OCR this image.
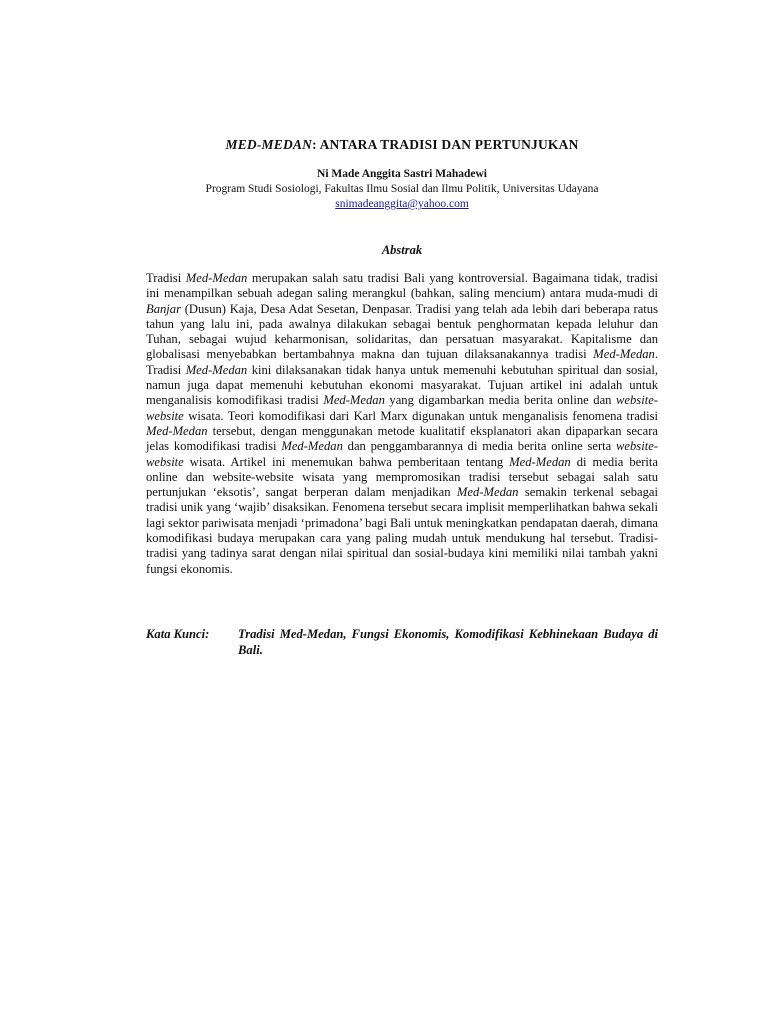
MED-MEDAN: ANTARA TRADISI DAN PERTUNJUKAN
Ni Made Anggita Sastri Mahadewi
Program Studi Sosiologi, Fakultas Ilmu Sosial dan Ilmu Politik, Universitas Udayana
snimadeanggita@yahoo.com
Abstrak

Tradisi Med-Medan merupakan salah satu tradisi Bali yang kontroversial. Bagaimana tidak, tradisi ini menampilkan sebuah adegan saling merangkul (bahkan, saling mencium) antara muda-mudi di Banjar (Dusun) Kaja, Desa Adat Sesetan, Denpasar. Tradisi yang telah ada lebih dari beberapa ratus tahun yang lalu ini, pada awalnya dilakukan sebagai bentuk penghormatan kepada leluhur dan Tuhan, sebagai wujud keharmonisan, solidaritas, dan persatuan masyarakat. Kapitalisme dan globalisasi menyebabkan bertambahnya makna dan tujuan dilaksanakannya tradisi Med-Medan. Tradisi Med-Medan kini dilaksanakan tidak hanya untuk memenuhi kebutuhan spiritual dan sosial, namun juga dapat memenuhi kebutuhan ekonomi masyarakat. Tujuan artikel ini adalah untuk menganalisis komodifikasi tradisi Med-Medan yang digambarkan media berita online dan website-website wisata. Teori komodifikasi dari Karl Marx digunakan untuk menganalisis fenomena tradisi Med-Medan tersebut, dengan menggunakan metode kualitatif eksplanatori akan dipaparkan secara jelas komodifikasi tradisi Med-Medan dan penggambarannya di media berita online serta website-website wisata. Artikel ini menemukan bahwa pemberitaan tentang Med-Medan di media berita online dan website-website wisata yang mempromosikan tradisi tersebut sebagai salah satu pertunjukan ‘eksotis’, sangat berperan dalam menjadikan Med-Medan semakin terkenal sebagai tradisi unik yang ‘wajib’ disaksikan. Fenomena tersebut secara implisit memperlihatkan bahwa sekali lagi sektor pariwisata menjadi ‘primadona’ bagi Bali untuk meningkatkan pendapatan daerah, dimana komodifikasi budaya merupakan cara yang paling mudah untuk mendukung hal tersebut. Tradisi-tradisi yang tadinya sarat dengan nilai spiritual dan sosial-budaya kini memiliki nilai tambah yakni fungsi ekonomis.

Kata Kunci:	Tradisi Med-Medan, Fungsi Ekonomis, Komodifikasi Kebhinekaan Budaya di Bali.
